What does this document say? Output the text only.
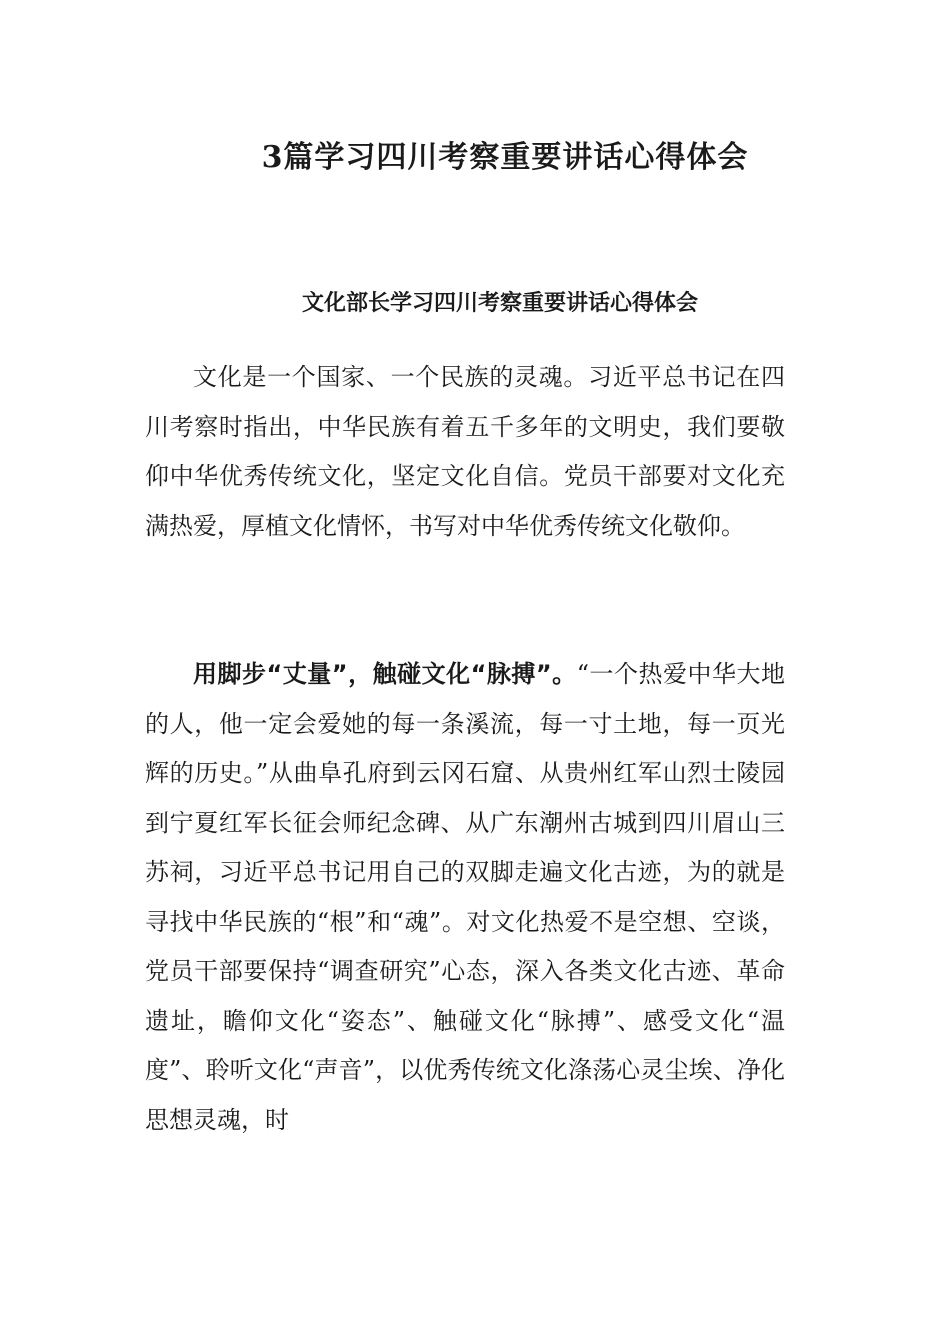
3篇学习四川考察重要讲话心得体会
文化部长学习四川考察重要讲话心得体会

文化是一个国家、一个民族的灵魂。习近平总书记在四川考察时指出，中华民族有着五千多年的文明史，我们要敬仰中华优秀传统文化，坚定文化自信。党员干部要对文化充满热爱，厚植文化情怀，书写对中华优秀传统文化敬仰。

用脚步“丈量”，触碰文化“脉搏”。“一个热爱中华大地的人，他一定会爱她的每一条溪流，每一寸土地，每一页光辉的历史。”从曲阜孔府到云冈石窟、从贵州红军山烈士陵园到宁夏红军长征会师纪念碑、从广东潮州古城到四川眉山三苏祠，习近平总书记用自己的双脚走遍文化古迹，为的就是寻找中华民族的“根”和“魂”。对文化热爱不是空想、空谈，党员干部要保持“调查研究”心态，深入各类文化古迹、革命遗址，瞻仰文化“姿态”、触碰文化“脉搏”、感受文化“温度”、聆听文化“声音”，以优秀传统文化涤荡心灵尘埃、净化思想灵魂，时
